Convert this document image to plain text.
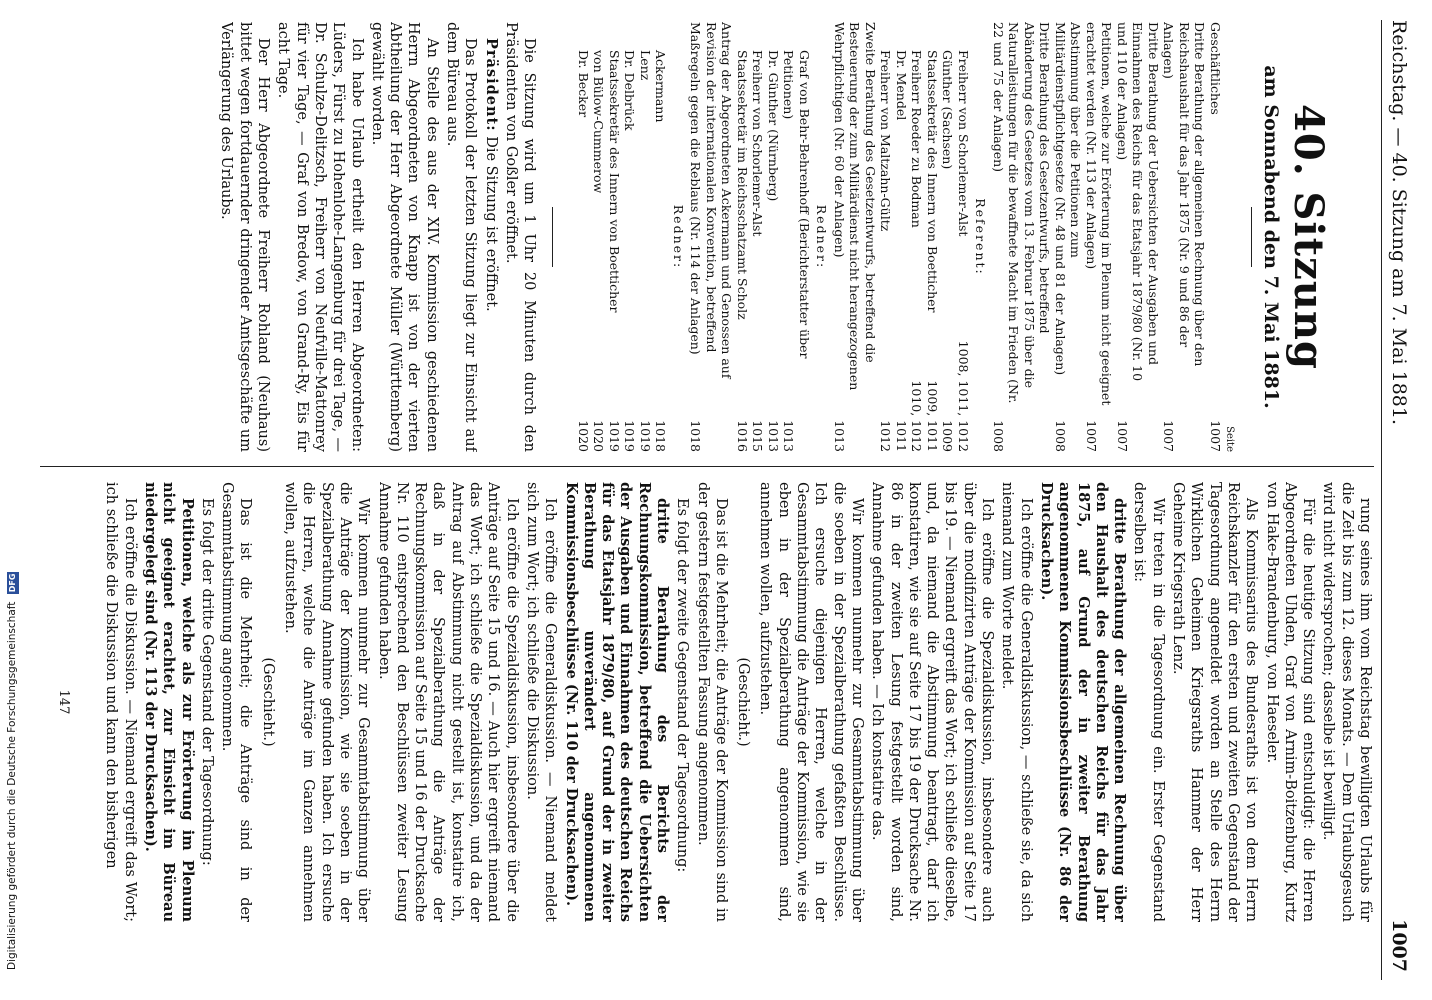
Reichstag. — 40. Sitzung am 7. Mai 1881.
1007
40. Sitzung
am Sonnabend den 7. Mai 1881.
Seite
Geschäftliches
1007
Dritte Berathung der allgemeinen Rechnung über den Reichshaushalt für das Jahr 1875 (Nr. 9 und 86 der Anlagen)
1007
Dritte Berathung der Uebersichten der Ausgaben und Einnahmen des Reichs für das Etatsjahr 1879/80 (Nr. 10 und 110 der Anlagen)
1007
Petitionen, welche zur Erörterung im Plenum nicht geeignet erachtet werden (Nr. 113 der Anlagen)
1007
Abstimmung über die Petitionen zum Militärdienstpflichtgesetze (Nr. 48 und 81 der Anlagen)
1008
Dritte Berathung des Gesetzentwurfs, betreffend Abänderung des Gesetzes vom 13. Februar 1875 über die Naturalleistungen für die bewaffnete Macht im Frieden (Nr. 22 und 75 der Anlagen)
1008
Referent:
Freiherr von Schorlemer-Alst
1008, 1011, 1012
Günther (Sachsen)
1009
Staatssekretär des Innern von Boetticher
1009, 1011
Freiherr Roeder zu Bodman
1010, 1012
Dr. Mendel
1011
Freiherr von Maltzahn-Gültz
1012
Zweite Berathung des Gesetzentwurfs, betreffend die Besteuerung der zum Militärdienst nicht herangezogenen Wehrpflichtigen (Nr. 60 der Anlagen)
1013
Redner:
Graf von Behr-Behrenhoff (Berichterstatter über Petitionen)
1013
Dr. Günther (Nürnberg)
1013
Freiherr von Schorlemer-Alst
1015
Staatssekretär im Reichsschatzamt Scholz
1016
Antrag der Abgeordneten Ackermann und Genossen auf Revision der internationalen Konvention, betreffend Maßregeln gegen die Reblaus (Nr. 114 der Anlagen)
1018
Redner:
Ackermann
1018
Lenz
1019
Dr. Delbrück
1019
Staatssekretär des Innern von Boetticher
1019
von Bülow-Cummerow
1020
Dr. Becker
1020

Die Sitzung wird um 1 Uhr 20 Minuten durch den Präsidenten von Goßler eröffnet.

Präsident: Die Sitzung ist eröffnet.

Das Protokoll der letzten Sitzung liegt zur Einsicht auf dem Büreau aus.

An Stelle des aus der XIV. Kommission geschiedenen Herrn Abgeordneten von Knapp ist von der vierten Abtheilung der Herr Abgeordnete Müller (Württemberg) gewählt worden.

Ich habe Urlaub ertheilt den Herren Abgeordneten: Lüders, Fürst zu Hohenlohe-Langenburg für drei Tage, — Dr. Schulze-Delitzsch, Freiherr von Neufville-Mattonrey für vier Tage, — Graf von Bredow, von Grand-Ry, Eis für acht Tage.

Der Herr Abgeordnete Freiherr Rohland (Neuhaus) bittet wegen fortdauernder dringender Amtsgeschäfte um Verlängerung des Urlaubs.

rung seines ihm vom Reichstag bewilligten Urlaubs für die Zeit bis zum 12. dieses Monats. — Dem Urlaubsgesuch wird nicht widersprochen; dasselbe ist bewilligt.

Für die heutige Sitzung sind entschuldigt: die Herren Abgeordneten Uhden, Graf von Arnim-Boitzenburg, Kurtz von Hake-Brandenburg, von Haeseler.

Als Kommissarius des Bundesraths ist von dem Herrn Reichskanzler für den ersten und zweiten Gegenstand der Tagesordnung angemeldet worden an Stelle des Herrn Wirklichen Geheimen Kriegsraths Hammer der Herr Geheime Kriegsrath Lenz.

Wir treten in die Tagesordnung ein. Erster Gegenstand derselben ist:

dritte Berathung der allgemeinen Rechnung über den Haushalt des deutschen Reichs für das Jahr 1875, auf Grund der in zweiter Berathung angenommenen Kommissionsbeschlüsse (Nr. 86 der Drucksachen).

Ich eröffne die Generaldiskussion, — schließe sie, da sich niemand zum Worte meldet.

Ich eröffne die Spezialdiskussion, insbesondere auch über die modifizirten Anträge der Kommission auf Seite 17 bis 19. — Niemand ergreift das Wort; ich schließe dieselbe, und, da niemand die Abstimmung beantragt, darf ich konstatiren, wie sie auf Seite 17 bis 19 der Drucksache Nr. 86 in der zweiten Lesung festgestellt worden sind, Annahme gefunden haben. — Ich konstatire das.

Wir kommen nunmehr zur Gesammtabstimmung über die soeben in der Spezialberathung gefaßten Beschlüsse. Ich ersuche diejenigen Herren, welche in der Gesammtabstimmung die Anträge der Kommission, wie sie eben in der Spezialberathung angenommen sind, annehmen wollen, aufzustehen.

(Geschieht.)

Das ist die Mehrheit; die Anträge der Kommission sind in der gestern festgestellten Fassung angenommen.

Es folgt der zweite Gegenstand der Tagesordnung:

dritte Berathung des Berichts der Rechnungskommission, betreffend die Uebersichten der Ausgaben und Einnahmen des deutschen Reichs für das Etatsjahr 1879/80, auf Grund der in zweiter Berathung unverändert angenommenen Kommissionsbeschlüsse (Nr. 110 der Drucksachen).

Ich eröffne die Generaldiskussion. — Niemand meldet sich zum Wort; ich schließe die Diskussion.

Ich eröffne die Spezialdiskussion, insbesondere über die Anträge auf Seite 15 und 16. — Auch hier ergreift niemand das Wort; ich schließe die Spezialdiskussion, und da der Antrag auf Abstimmung nicht gestellt ist, konstatire ich, daß in der Spezialberathung die Anträge der Rechnungskommission auf Seite 15 und 16 der Drucksache Nr. 110 entsprechend den Beschlüssen zweiter Lesung Annahme gefunden haben.

Wir kommen nunmehr zur Gesammtabstimmung über die Anträge der Kommission, wie sie soeben in der Spezialberathung Annahme gefunden haben. Ich ersuche die Herren, welche die Anträge im Ganzen annehmen wollen, aufzustehen.

(Geschieht.)

Das ist die Mehrheit; die Anträge sind in der Gesammtabstimmung angenommen.

Es folgt der dritte Gegenstand der Tagesordnung:

Petitionen, welche als zur Erörterung im Plenum nicht geeignet erachtet, zur Einsicht im Büreau niedergelegt sind (Nr. 113 der Drucksachen).

Ich eröffne die Diskussion. — Niemand ergreift das Wort; ich schließe die Diskussion und kann den bisherigen

147
Digitalisierung gefördert durch die Deutsche Forschungsgemeinschaft DFG
